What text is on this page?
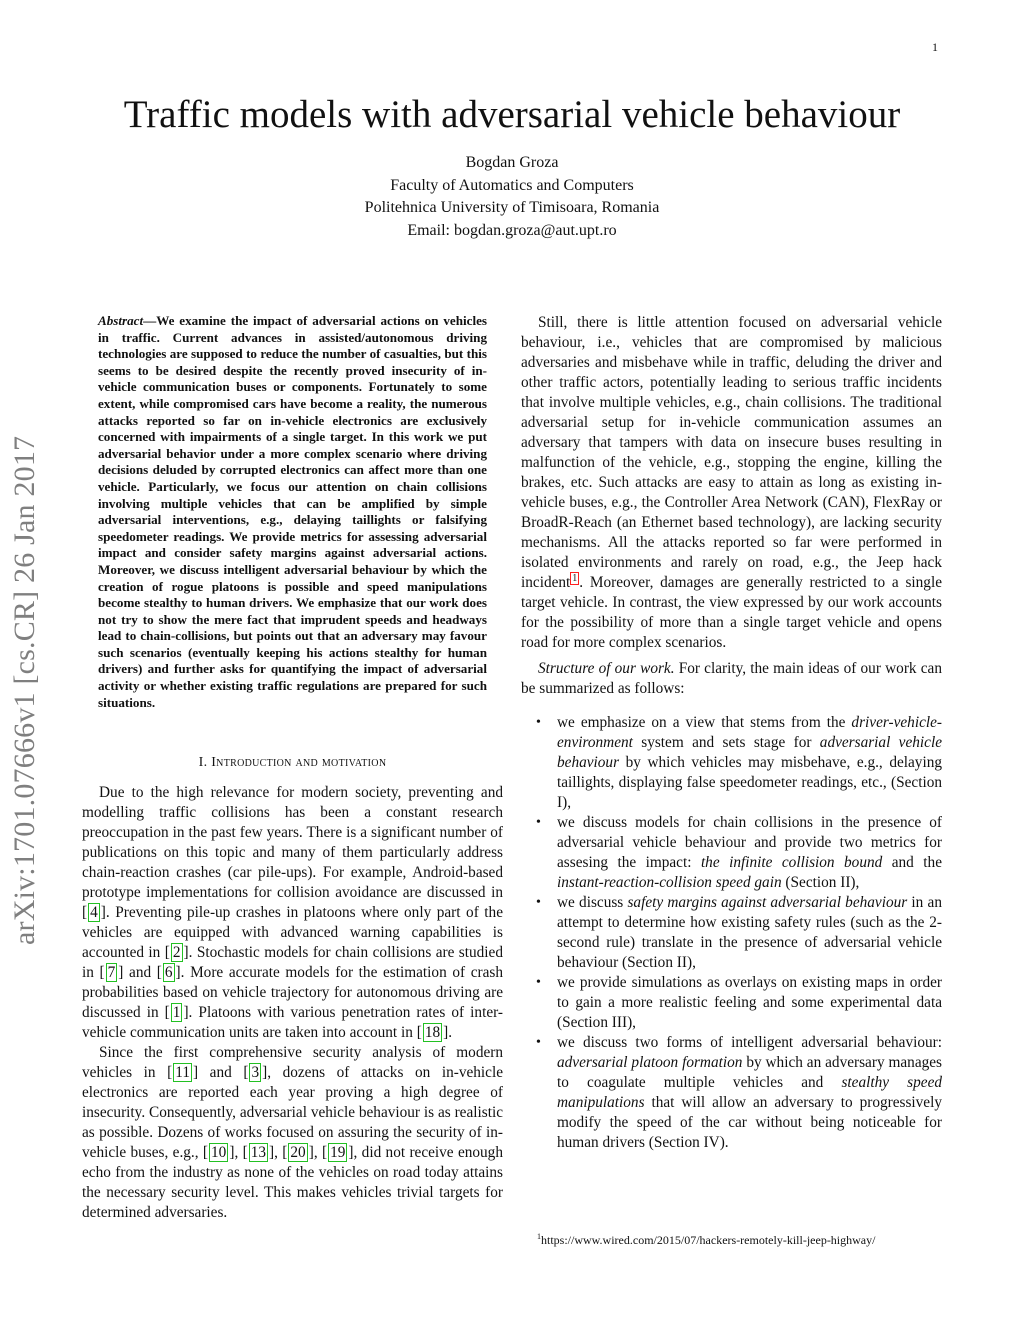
1
arXiv:1701.07666v1 [cs.CR] 26 Jan 2017
Traffic models with adversarial vehicle behaviour
Bogdan Groza
Faculty of Automatics and Computers
Politehnica University of Timisoara, Romania
Email: bogdan.groza@aut.upt.ro
Abstract—We examine the impact of adversarial actions on vehicles in traffic. Current advances in assisted/autonomous driving technologies are supposed to reduce the number of casualties, but this seems to be desired despite the recently proved insecurity of in-vehicle communication buses or components. Fortunately to some extent, while compromised cars have become a reality, the numerous attacks reported so far on in-vehicle electronics are exclusively concerned with impairments of a single target. In this work we put adversarial behavior under a more complex scenario where driving decisions deluded by corrupted electronics can affect more than one vehicle. Particularly, we focus our attention on chain collisions involving multiple vehicles that can be amplified by simple adversarial interventions, e.g., delaying taillights or falsifying speedometer readings. We provide metrics for assessing adversarial impact and consider safety margins against adversarial actions. Moreover, we discuss intelligent adversarial behaviour by which the creation of rogue platoons is possible and speed manipulations become stealthy to human drivers. We emphasize that our work does not try to show the mere fact that imprudent speeds and headways lead to chain-collisions, but points out that an adversary may favour such scenarios (eventually keeping his actions stealthy for human drivers) and further asks for quantifying the impact of adversarial activity or whether existing traffic regulations are prepared for such situations.
I. Introduction and motivation

Due to the high relevance for modern society, preventing and modelling traffic collisions has been a constant research preoccupation in the past few years. There is a significant number of publications on this topic and many of them particularly address chain-reaction crashes (car pile-ups). For example, Android-based prototype implementations for collision avoidance are discussed in [ 4 ]. Preventing pile-up crashes in platoons where only part of the vehicles are equipped with advanced warning capabilities is accounted in [ 2 ]. Stochastic models for chain collisions are studied in [ 7 ] and [ 6 ]. More accurate models for the estimation of crash probabilities based on vehicle trajectory for autonomous driving are discussed in [ 1 ]. Platoons with various penetration rates of inter-vehicle communication units are taken into account in [ 18 ].

Since the first comprehensive security analysis of modern vehicles in [ 11 ] and [ 3 ], dozens of attacks on in-vehicle electronics are reported each year proving a high degree of insecurity. Consequently, adversarial vehicle behaviour is as realistic as possible. Dozens of works focused on assuring the security of in-vehicle buses, e.g., [ 10 ], [ 13 ], [ 20 ], [ 19 ], did not receive enough echo from the industry as none of the vehicles on road today attains the necessary security level. This makes vehicles trivial targets for determined adversaries.

Still, there is little attention focused on adversarial vehicle behaviour, i.e., vehicles that are compromised by malicious adversaries and misbehave while in traffic, deluding the driver and other traffic actors, potentially leading to serious traffic incidents that involve multiple vehicles, e.g., chain collisions. The traditional adversarial setup for in-vehicle communication assumes an adversary that tampers with data on insecure buses resulting in malfunction of the vehicle, e.g., stopping the engine, killing the brakes, etc. Such attacks are easy to attain as long as existing in-vehicle buses, e.g., the Controller Area Network (CAN), FlexRay or BroadR-Reach (an Ethernet based technology), are lacking security mechanisms. All the attacks reported so far were performed in isolated environments and rarely on road, e.g., the Jeep hack incident $^1$ . Moreover, damages are generally restricted to a single target vehicle. In contrast, the view expressed by our work accounts for the possibility of more than a single target vehicle and opens road for more complex scenarios.

Structure of our work. For clarity, the main ideas of our work can be summarized as follows:

• we emphasize on a view that stems from the driver-vehicle-environment system and sets stage for adversarial vehicle behaviour by which vehicles may misbehave, e.g., delaying taillights, displaying false speedometer readings, etc., (Section I),
• we discuss models for chain collisions in the presence of adversarial vehicle behaviour and provide two metrics for assesing the impact: the infinite collision bound and the instant-reaction-collision speed gain (Section II),
• we discuss safety margins against adversarial behaviour in an attempt to determine how existing safety rules (such as the 2-second rule) translate in the presence of adversarial vehicle behaviour (Section II),
• we provide simulations as overlays on existing maps in order to gain a more realistic feeling and some experimental data (Section III),
• we discuss two forms of intelligent adversarial behaviour: adversarial platoon formation by which an adversary manages to coagulate multiple vehicles and stealthy speed manipulations that will allow an adversary to progressively modify the speed of the car without being noticeable for human drivers (Section IV).
$^1$https://www.wired.com/2015/07/hackers-remotely-kill-jeep-highway/
